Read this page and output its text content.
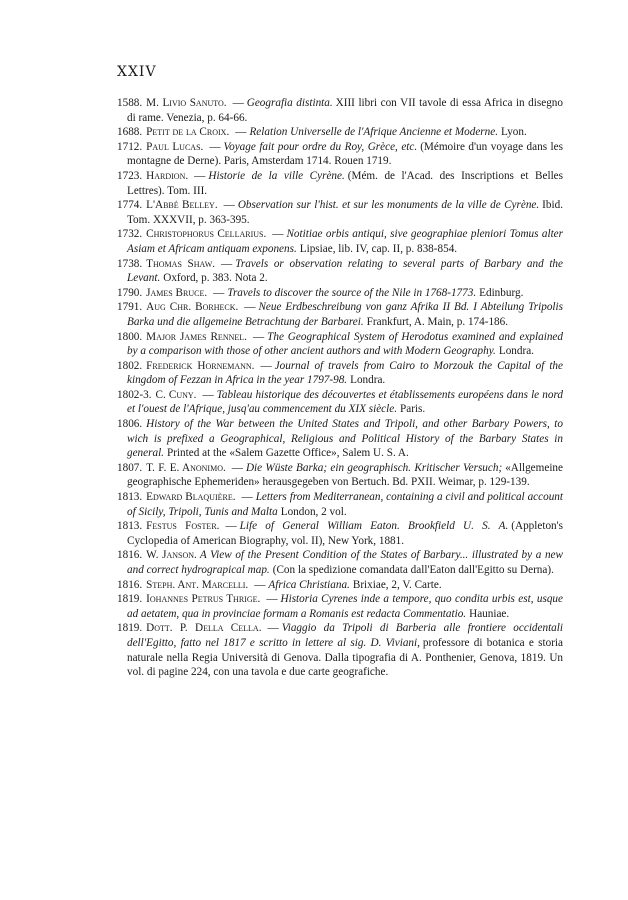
XXIV

1588. M. Livio Sanuto. — Geografia distinta. XIII libri con VII tavole di essa Africa in disegno di rame. Venezia, p. 64-66.

1688. Petit de la Croix. — Relation Universelle de l'Afrique Ancienne et Moderne. Lyon.

1712. Paul Lucas. — Voyage fait pour ordre du Roy, Grèce, etc. (Mémoire d'un voyage dans les montagne de Derne). Paris, Amsterdam 1714. Rouen 1719.

1723. Hardion. — Historie de la ville Cyrène. (Mém. de l'Acad. des Inscriptions et Belles Lettres). Tom. III.

1774. L'Abbé Belley. — Observation sur l'hist. et sur les monuments de la ville de Cyrène. Ibid. Tom. XXXVII, p. 363-395.

1732. Christophorus Cellarius. — Notitiae orbis antiqui, sive geographiae pleniori Tomus alter Asiam et Africam antiquam exponens. Lipsiae, lib. IV, cap. II, p. 838-854.

1738. Thomas Shaw. — Travels or observation relating to several parts of Barbary and the Levant. Oxford, p. 383. Nota 2.

1790. James Bruce. — Travels to discover the source of the Nile in 1768-1773. Edinburg.

1791. Aug Chr. Borheck. — Neue Erdbeschreibung von ganz Afrika II Bd. I Abteilung Tripolis Barka und die allgemeine Betrachtung der Barbarei. Frankfurt, A. Main, p. 174-186.

1800. Major James Rennel. — The Geographical System of Herodotus examined and explained by a comparison with those of other ancient authors and with Modern Geography. Londra.

1802. Frederick Hornemann. — Journal of travels from Cairo to Morzouk the Capital of the kingdom of Fezzan in Africa in the year 1797-98. Londra.

1802-3. C. Cuny. — Tableau historique des découvertes et établissements européens dans le nord et l'ouest de l'Afrique, jusq'au commencement du XIX siècle. Paris.

1806. History of the War between the United States and Tripoli, and other Barbary Powers, to wich is prefixed a Geographical, Religious and Political History of the Barbary States in general. Printed at the «Salem Gazette Office», Salem U. S. A.

1807. T. F. E. Anonimo. — Die Wüste Barka; ein geographisch. Kritischer Versuch; «Allgemeine geographische Ephemeriden» herausgegeben von Bertuch. Bd. PXII. Weimar, p. 129-139.

1813. Edward Blaquière. — Letters from Mediterranean, containing a civil and political account of Sicily, Tripoli, Tunis and Malta London, 2 vol.

1813. Festus Foster. — Life of General William Eaton. Brookfield U. S. A. (Appleton's Cyclopedia of American Biography, vol. II), New York, 1881.

1816. W. Janson. A View of the Present Condition of the States of Barbary... illustrated by a new and correct hydrograpical map. (Con la spedizione comandata dall'Eaton dall'Egitto su Derna).

1816. Steph. Ant. Marcelli. — Africa Christiana. Brixiae, 2, V. Carte.

1819. Iohannes Petrus Thrige. — Historia Cyrenes inde a tempore, quo condita urbis est, usque ad aetatem, qua in provinciae formam a Romanis est redacta Commentatio. Hauniae.

1819. Dott. P. Della Cella. — Viaggio da Tripoli di Barberia alle frontiere occidentali dell'Egitto, fatto nel 1817 e scritto in lettere al sig. D. Viviani, professore di botanica e storia naturale nella Regia Università di Genova. Dalla tipografia di A. Ponthenier, Genova, 1819. Un vol. di pagine 224, con una tavola e due carte geografiche.
